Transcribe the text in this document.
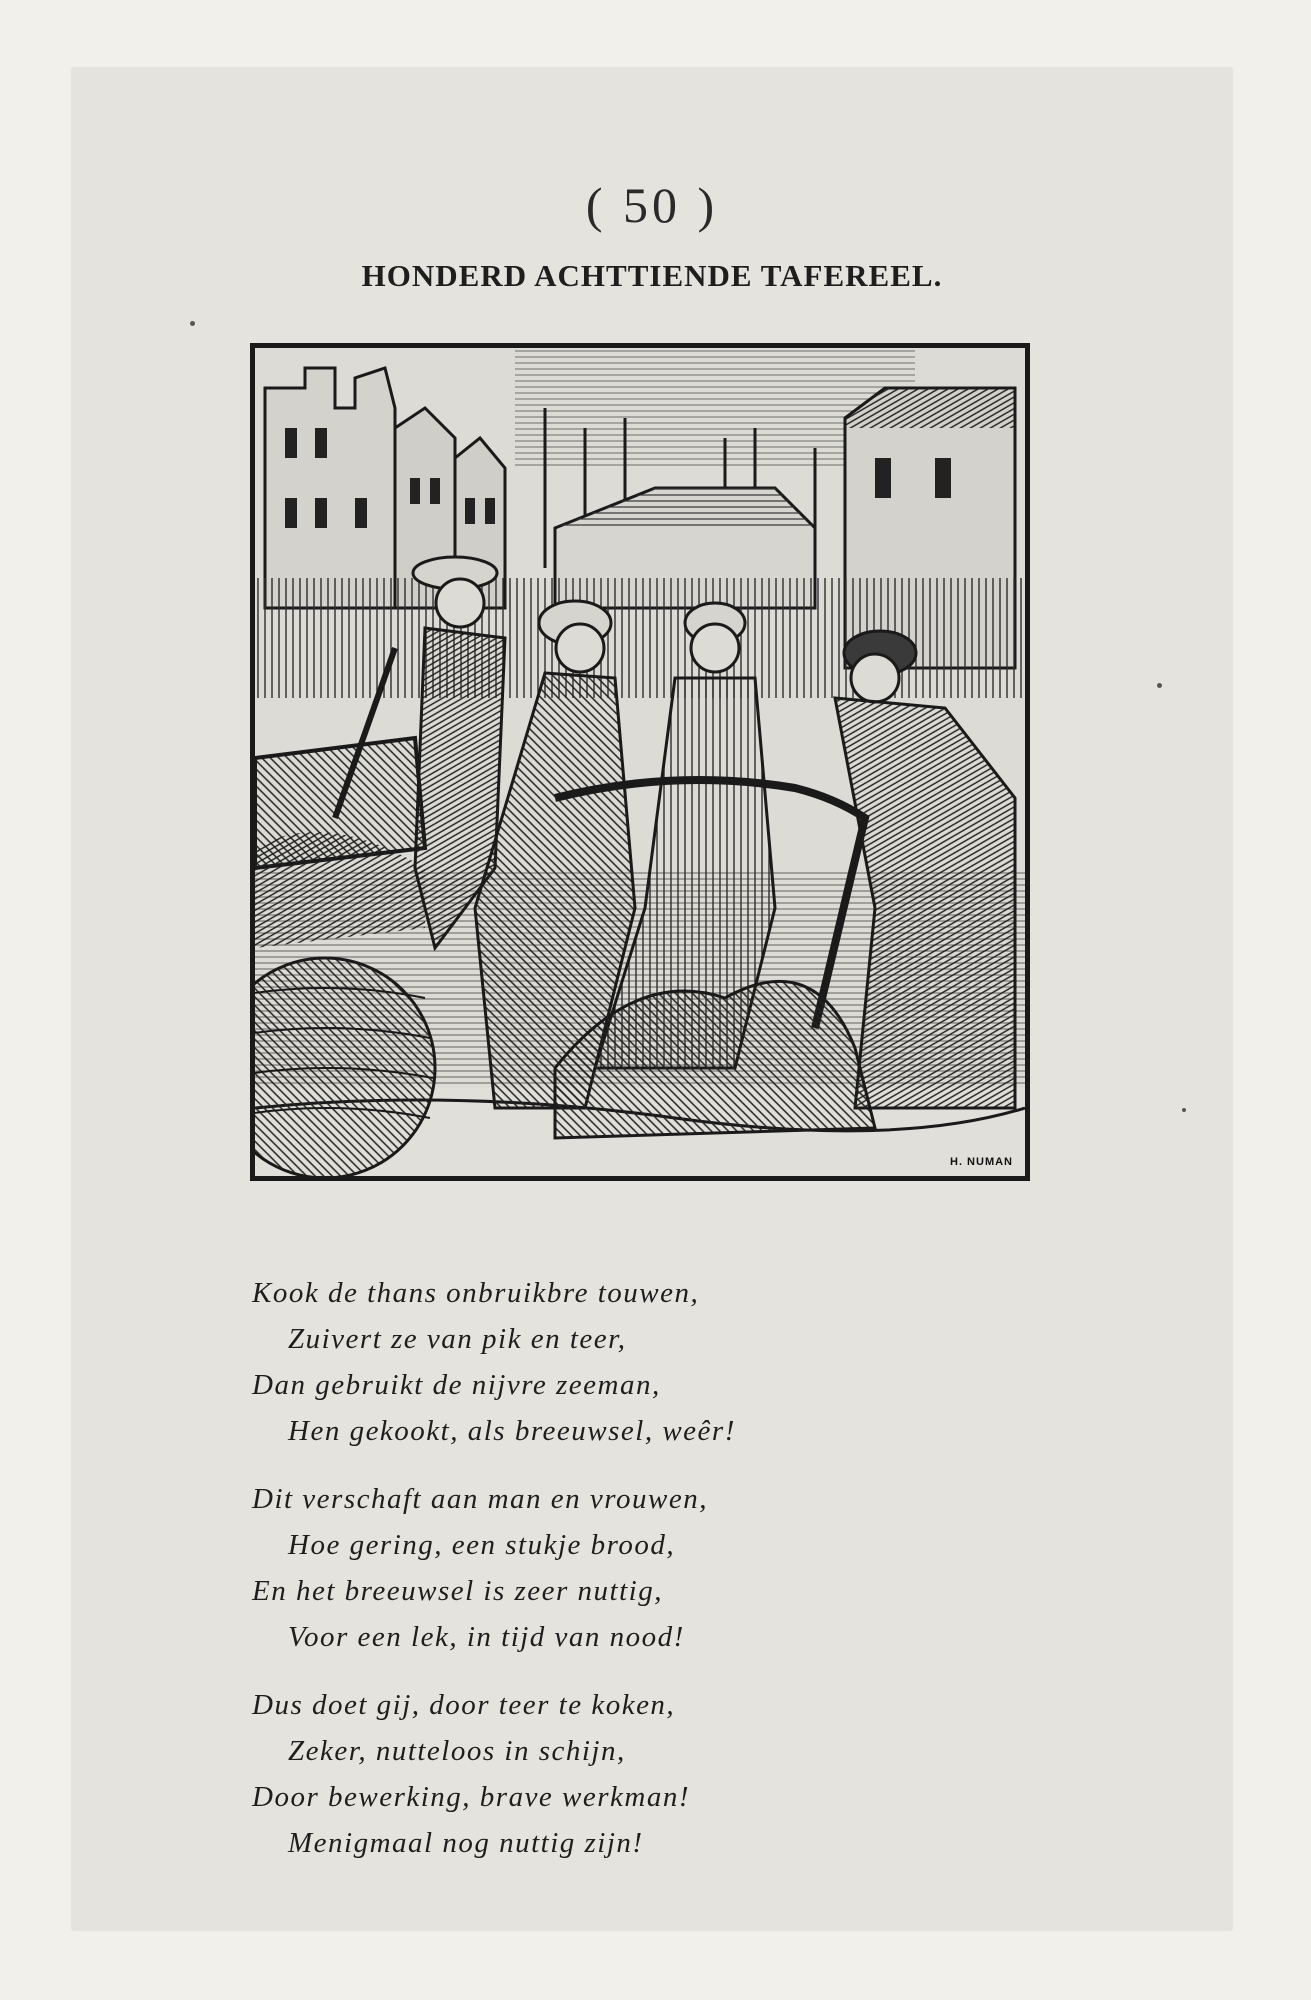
( 50 )
HONDERD ACHTTIENDE TAFEREEL.
H. NUMAN
Kook de thans onbruikbre touwen,
Zuivert ze van pik en teer,
Dan gebruikt de nijvre zeeman,
Hen gekookt, als breeuwsel, weêr!
Dit verschaft aan man en vrouwen,
Hoe gering, een stukje brood,
En het breeuwsel is zeer nuttig,
Voor een lek, in tijd van nood!
Dus doet gij, door teer te koken,
Zeker, nutteloos in schijn,
Door bewerking, brave werkman!
Menigmaal nog nuttig zijn!
